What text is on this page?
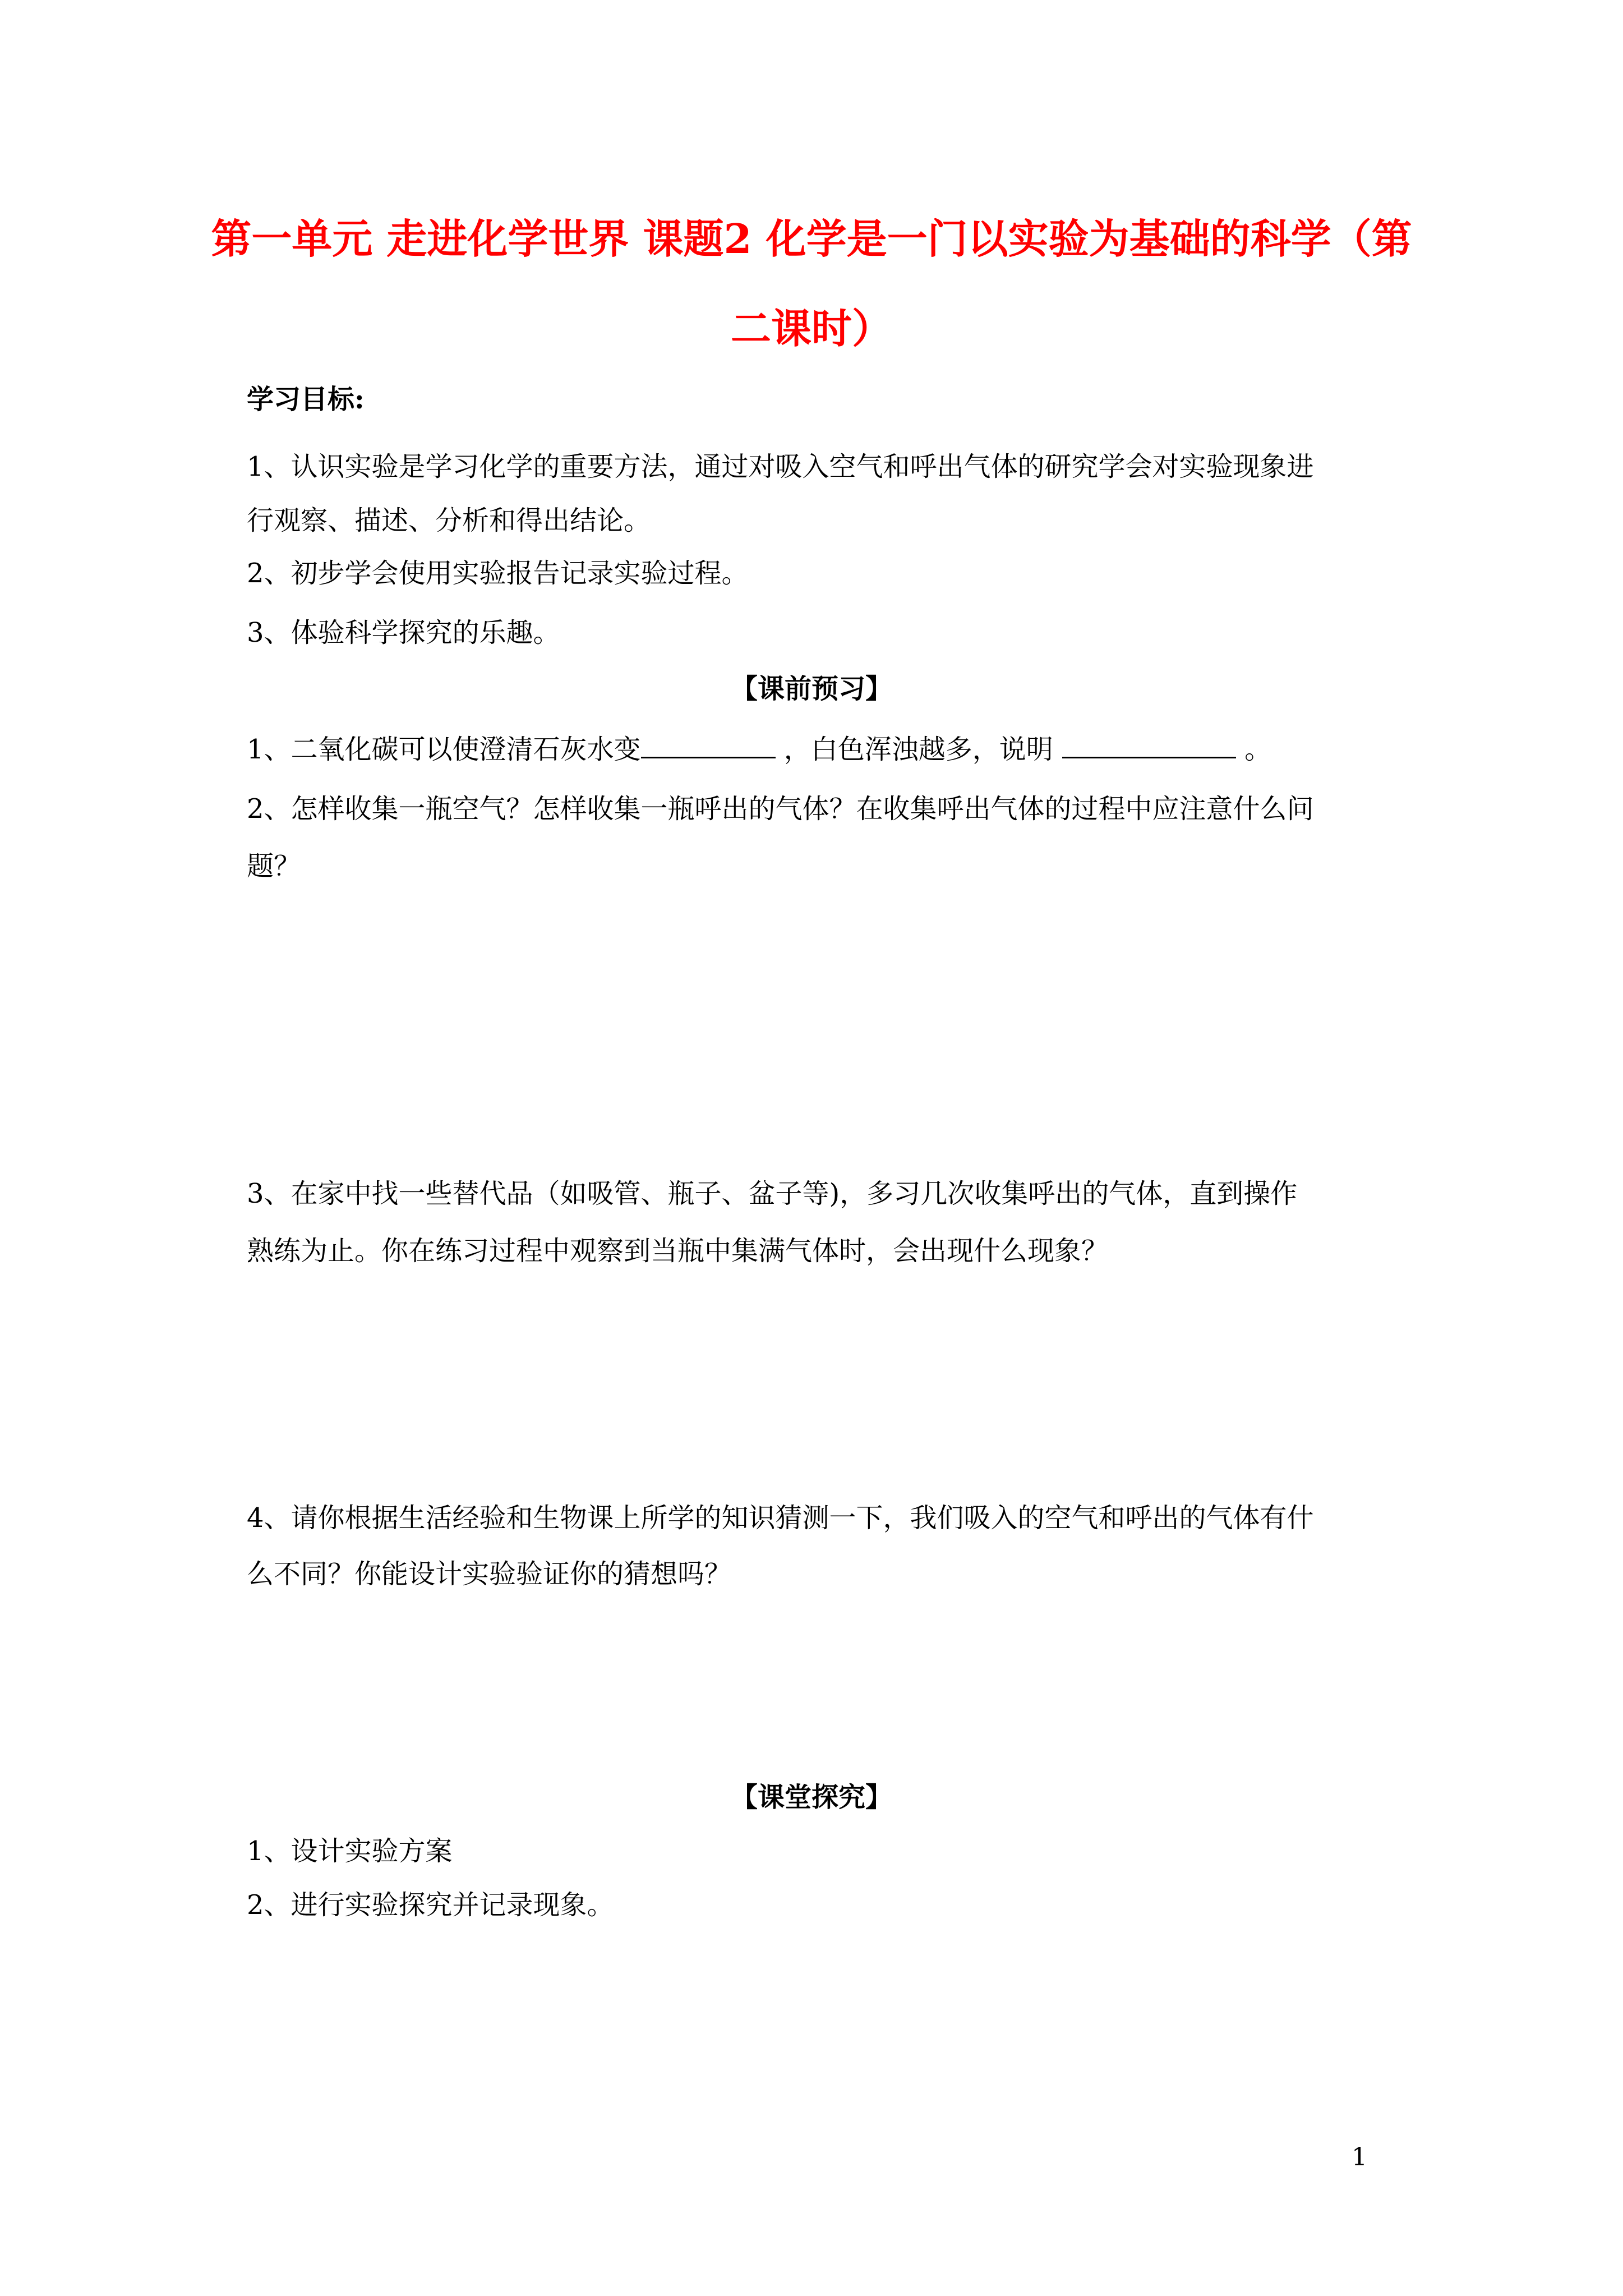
第一单元 走进化学世界 课题2 化学是一门以实验为基础的科学（第
二课时）
学习目标:
1、认识实验是学习化学的重要方法，通过对吸入空气和呼出气体的研究学会对实验现象进
行观察、描述、分析和得出结论。
2、初步学会使用实验报告记录实验过程。
3、体验科学探究的乐趣。
【课前预习】
1、二氧化碳可以使澄清石灰水变	，白色浑浊越多，说明	。
2、怎样收集一瓶空气？怎样收集一瓶呼出的气体？在收集呼出气体的过程中应注意什么问
题？
3、在家中找一些替代品（如吸管、瓶子、盆子等)，多习几次收集呼出的气体，直到操作
熟练为止。你在练习过程中观察到当瓶中集满气体时，会出现什么现象？
4、请你根据生活经验和生物课上所学的知识猜测一下，我们吸入的空气和呼出的气体有什
么不同？你能设计实验验证你的猜想吗？
【课堂探究】
1、设计实验方案
2、进行实验探究并记录现象。
1
